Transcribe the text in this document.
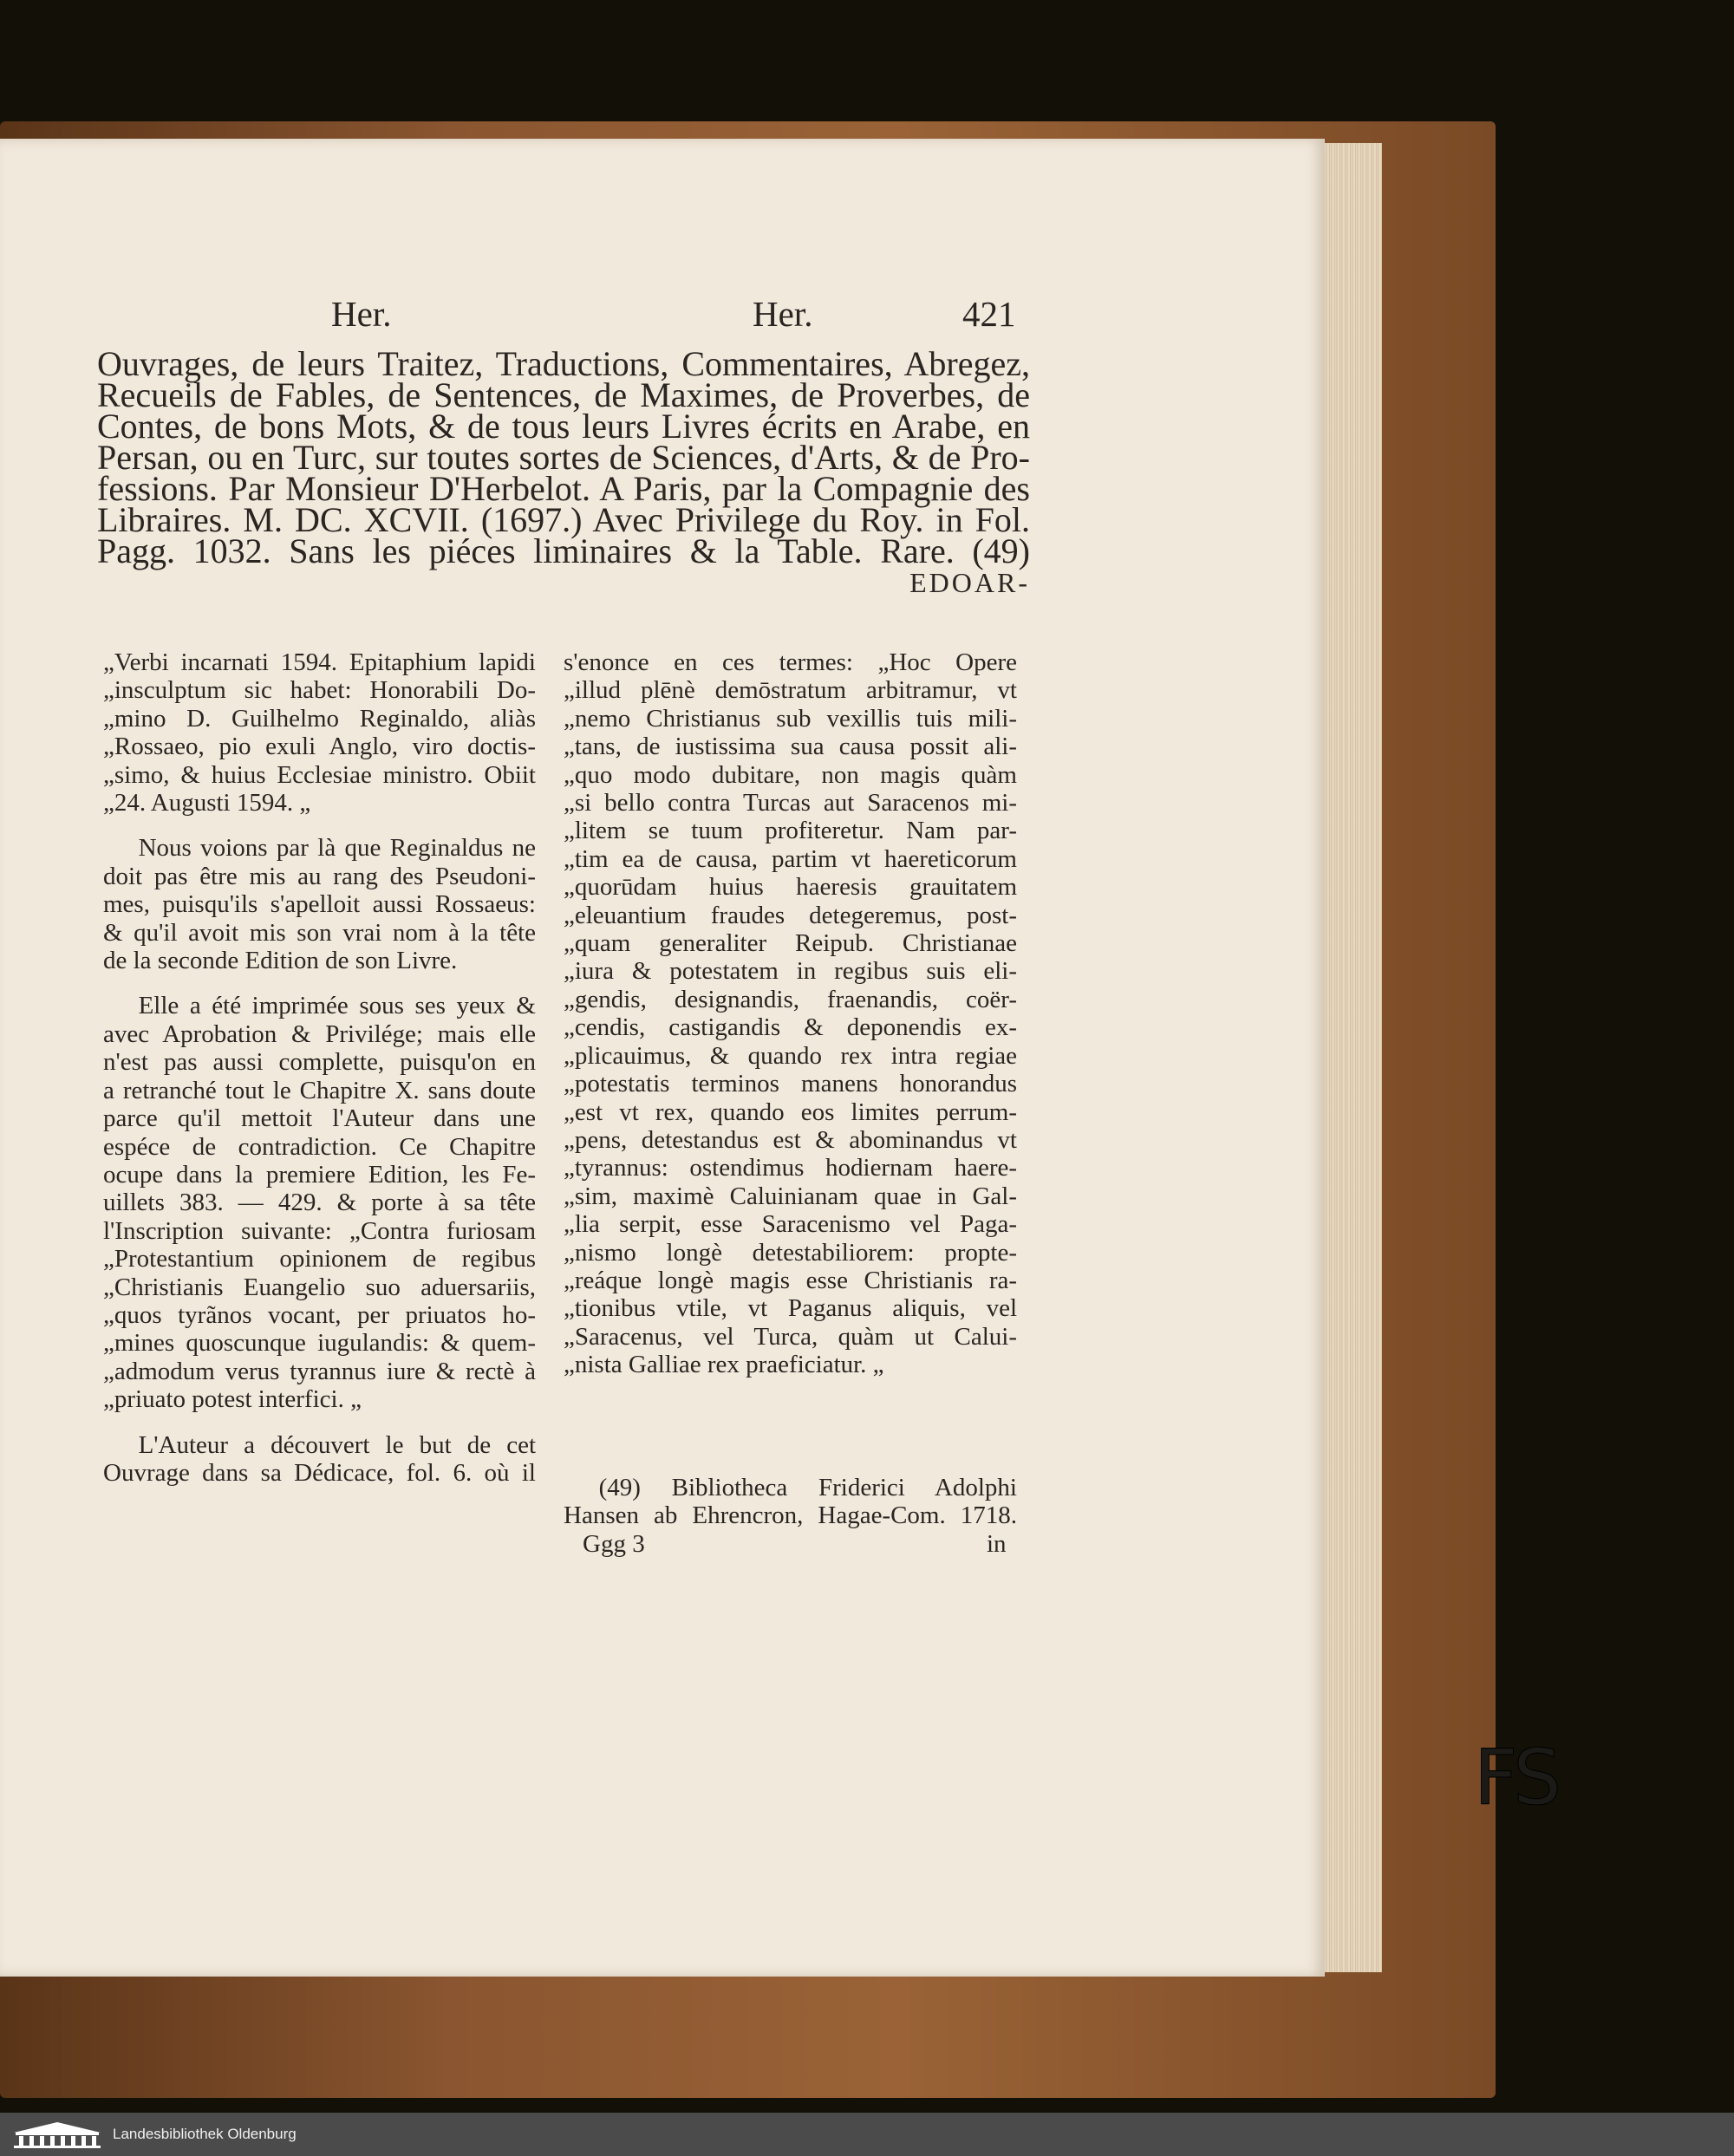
Her.	Her.	421
Ouvrages, de leurs Traitez, Traductions, Commentaires, Abregez,
Recueils de Fables, de Sentences, de Maximes, de Proverbes, de
Contes, de bons Mots, & de tous leurs Livres écrits en Arabe, en
Persan, ou en Turc, sur toutes sortes de Sciences, d'Arts, & de Pro-
fessions. Par Monsieur D'Herbelot. A Paris, par la Compagnie des
Libraires. M. DC. XCVII. (1697.) Avec Privilege du Roy. in Fol.
Pagg. 1032. Sans les piéces liminaires & la Table. Rare. (49)
EDOAR-
„Verbi incarnati 1594. Epitaphium lapidi
„insculptum sic habet: Honorabili Do-
„mino D. Guilhelmo Reginaldo, aliàs
„Rossaeo, pio exuli Anglo, viro doctis-
„simo, & huius Ecclesiae ministro. Obiit
„24. Augusti 1594. „
Nous voions par là que Reginaldus ne
doit pas être mis au rang des Pseudoni-
mes, puisqu'ils s'apelloit aussi Rossaeus:
& qu'il avoit mis son vrai nom à la tête
de la seconde Edition de son Livre.
Elle a été imprimée sous ses yeux &
avec Aprobation & Privilége; mais elle
n'est pas aussi complette, puisqu'on en
a retranché tout le Chapitre X. sans doute
parce qu'il mettoit l'Auteur dans une
espéce de contradiction. Ce Chapitre
ocupe dans la premiere Edition, les Fe-
uillets 383. — 429. & porte à sa tête
l'Inscription suivante: „Contra furiosam
„Protestantium opinionem de regibus
„Christianis Euangelio suo aduersariis,
„quos tyrãnos vocant, per priuatos ho-
„mines quoscunque iugulandis: & quem-
„admodum verus tyrannus iure & rectè à
„priuato potest interfici. „
L'Auteur a découvert le but de cet
Ouvrage dans sa Dédicace, fol. 6. où il
s'enonce en ces termes: „Hoc Opere
„illud plēnè demōstratum arbitramur, vt
„nemo Christianus sub vexillis tuis mili-
„tans, de iustissima sua causa possit ali-
„quo modo dubitare, non magis quàm
„si bello contra Turcas aut Saracenos mi-
„litem se tuum profiteretur. Nam par-
„tim ea de causa, partim vt haereticorum
„quorūdam huius haeresis grauitatem
„eleuantium fraudes detegeremus, post-
„quam generaliter Reipub. Christianae
„iura & potestatem in regibus suis eli-
„gendis, designandis, fraenandis, coër-
„cendis, castigandis & deponendis ex-
„plicauimus, & quando rex intra regiae
„potestatis terminos manens honorandus
„est vt rex, quando eos limites perrum-
„pens, detestandus est & abominandus vt
„tyrannus: ostendimus hodiernam haere-
„sim, maximè Caluinianam quae in Gal-
„lia serpit, esse Saracenismo vel Paga-
„nismo longè detestabiliorem: propte-
„reáque longè magis esse Christianis ra-
„tionibus vtile, vt Paganus aliquis, vel
„Saracenus, vel Turca, quàm ut Calui-
„nista Galliae rex praeficiatur. „
(49) Bibliotheca Friderici Adolphi
Hansen ab Ehrencron, Hagae-Com. 1718.
Ggg 3	in
FS
Landesbibliothek Oldenburg
